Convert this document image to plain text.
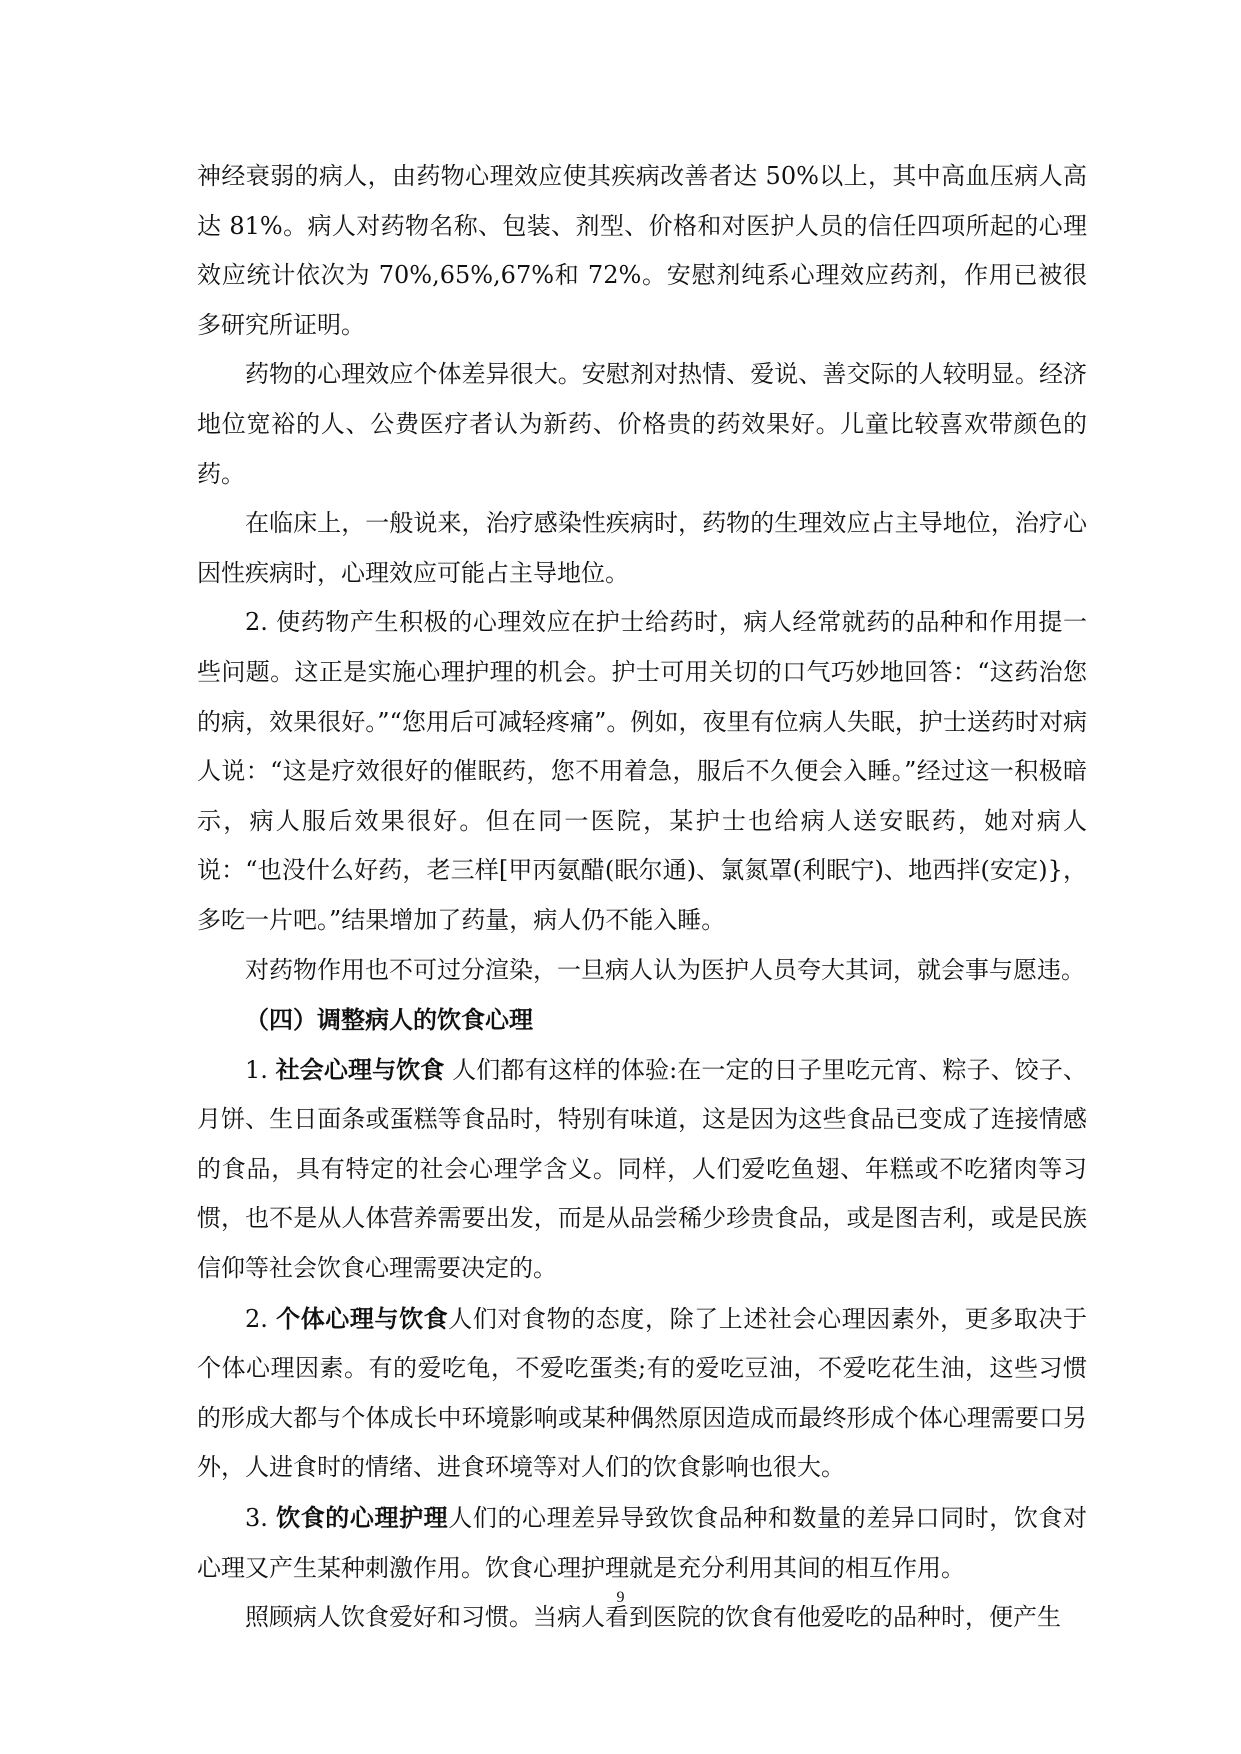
神经衰弱的病人，由药物心理效应使其疾病改善者达 50%以上，其中高血压病人高达 81%。病人对药物名称、包装、剂型、价格和对医护人员的信任四项所起的心理效应统计依次为 70%,65%,67%和 72%。安慰剂纯系心理效应药剂，作用已被很多研究所证明。

药物的心理效应个体差异很大。安慰剂对热情、爱说、善交际的人较明显。经济地位宽裕的人、公费医疗者认为新药、价格贵的药效果好。儿童比较喜欢带颜色的药。

在临床上，一般说来，治疗感染性疾病时，药物的生理效应占主导地位，治疗心因性疾病时，心理效应可能占主导地位。

2. 使药物产生积极的心理效应在护士给药时，病人经常就药的品种和作用提一些问题。这正是实施心理护理的机会。护士可用关切的口气巧妙地回答：“这药治您的病，效果很好。”“您用后可减轻疼痛”。例如，夜里有位病人失眠，护士送药时对病人说：“这是疗效很好的催眠药，您不用着急，服后不久便会入睡。”经过这一积极暗示，病人服后效果很好。但在同一医院，某护士也给病人送安眠药，她对病人说：“也没什么好药，老三样[甲丙氨醋(眠尔通)、氯氮罩(利眠宁)、地西拌(安定)}，多吃一片吧。”结果增加了药量，病人仍不能入睡。

对药物作用也不可过分渲染，一旦病人认为医护人员夸大其词，就会事与愿违。

（四）调整病人的饮食心理

1. 社会心理与饮食 人们都有这样的体验:在一定的日子里吃元宵、粽子、饺子、月饼、生日面条或蛋糕等食品时，特别有味道，这是因为这些食品已变成了连接情感的食品，具有特定的社会心理学含义。同样，人们爱吃鱼翅、年糕或不吃猪肉等习惯，也不是从人体营养需要出发，而是从品尝稀少珍贵食品，或是图吉利，或是民族信仰等社会饮食心理需要决定的。

2. 个体心理与饮食人们对食物的态度，除了上述社会心理因素外，更多取决于个体心理因素。有的爱吃龟，不爱吃蛋类;有的爱吃豆油，不爱吃花生油，这些习惯的形成大都与个体成长中环境影响或某种偶然原因造成而最终形成个体心理需要口另外，人进食时的情绪、进食环境等对人们的饮食影响也很大。

3. 饮食的心理护理人们的心理差异导致饮食品种和数量的差异口同时，饮食对心理又产生某种刺激作用。饮食心理护理就是充分利用其间的相互作用。

照顾病人饮食爱好和习惯。当病人看到医院的饮食有他爱吃的品种时，便产生

9
